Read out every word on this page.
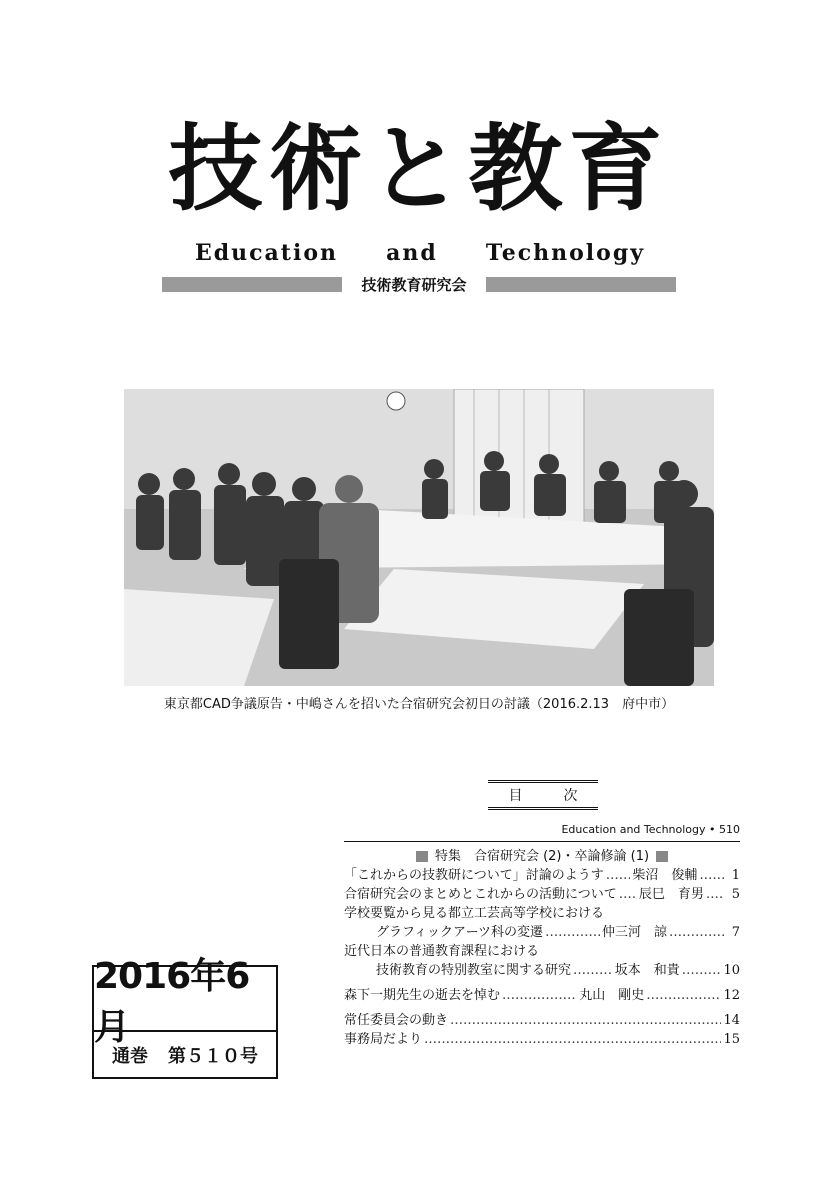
技術と教育
Education and Technology
技術教育研究会
東京都CAD争議原告・中嶋さんを招いた合宿研究会初日の討議（2016.2.13　府中市）
目	次
Education and Technology • 510
特集　合宿研究会 (2)・卒論修論 (1)
「これからの技教研について」討論のようす …………………………………………………………………………………………………………… 柴沼　俊輔 ……………………………………………………………………………………………………………	1
合宿研究会のまとめとこれからの活動について …………………………………………………………………………………………………………… 辰巳　育男 ……………………………………………………………………………………………………………	5
学校要覧から見る都立工芸高等学校における
グラフィックアーツ科の変遷 ……………………………………………………………………………………………………………	仲三河　諒 ……………………………………………………………………………………………………………	7
近代日本の普通教育課程における
技術教育の特別教室に関する研究 ……………………………………………………………………………………………………………	坂本　和貴 ……………………………………………………………………………………………………………	10
森下一期先生の逝去を悼む ……………………………………………………………………………………………………………	丸山　剛史 ……………………………………………………………………………………………………………	12
常任委員会の動き ……………………………………………………………………………………………………………	14
事務局だより ……………………………………………………………………………………………………………	15
2016年6月
通巻 第５１０号
